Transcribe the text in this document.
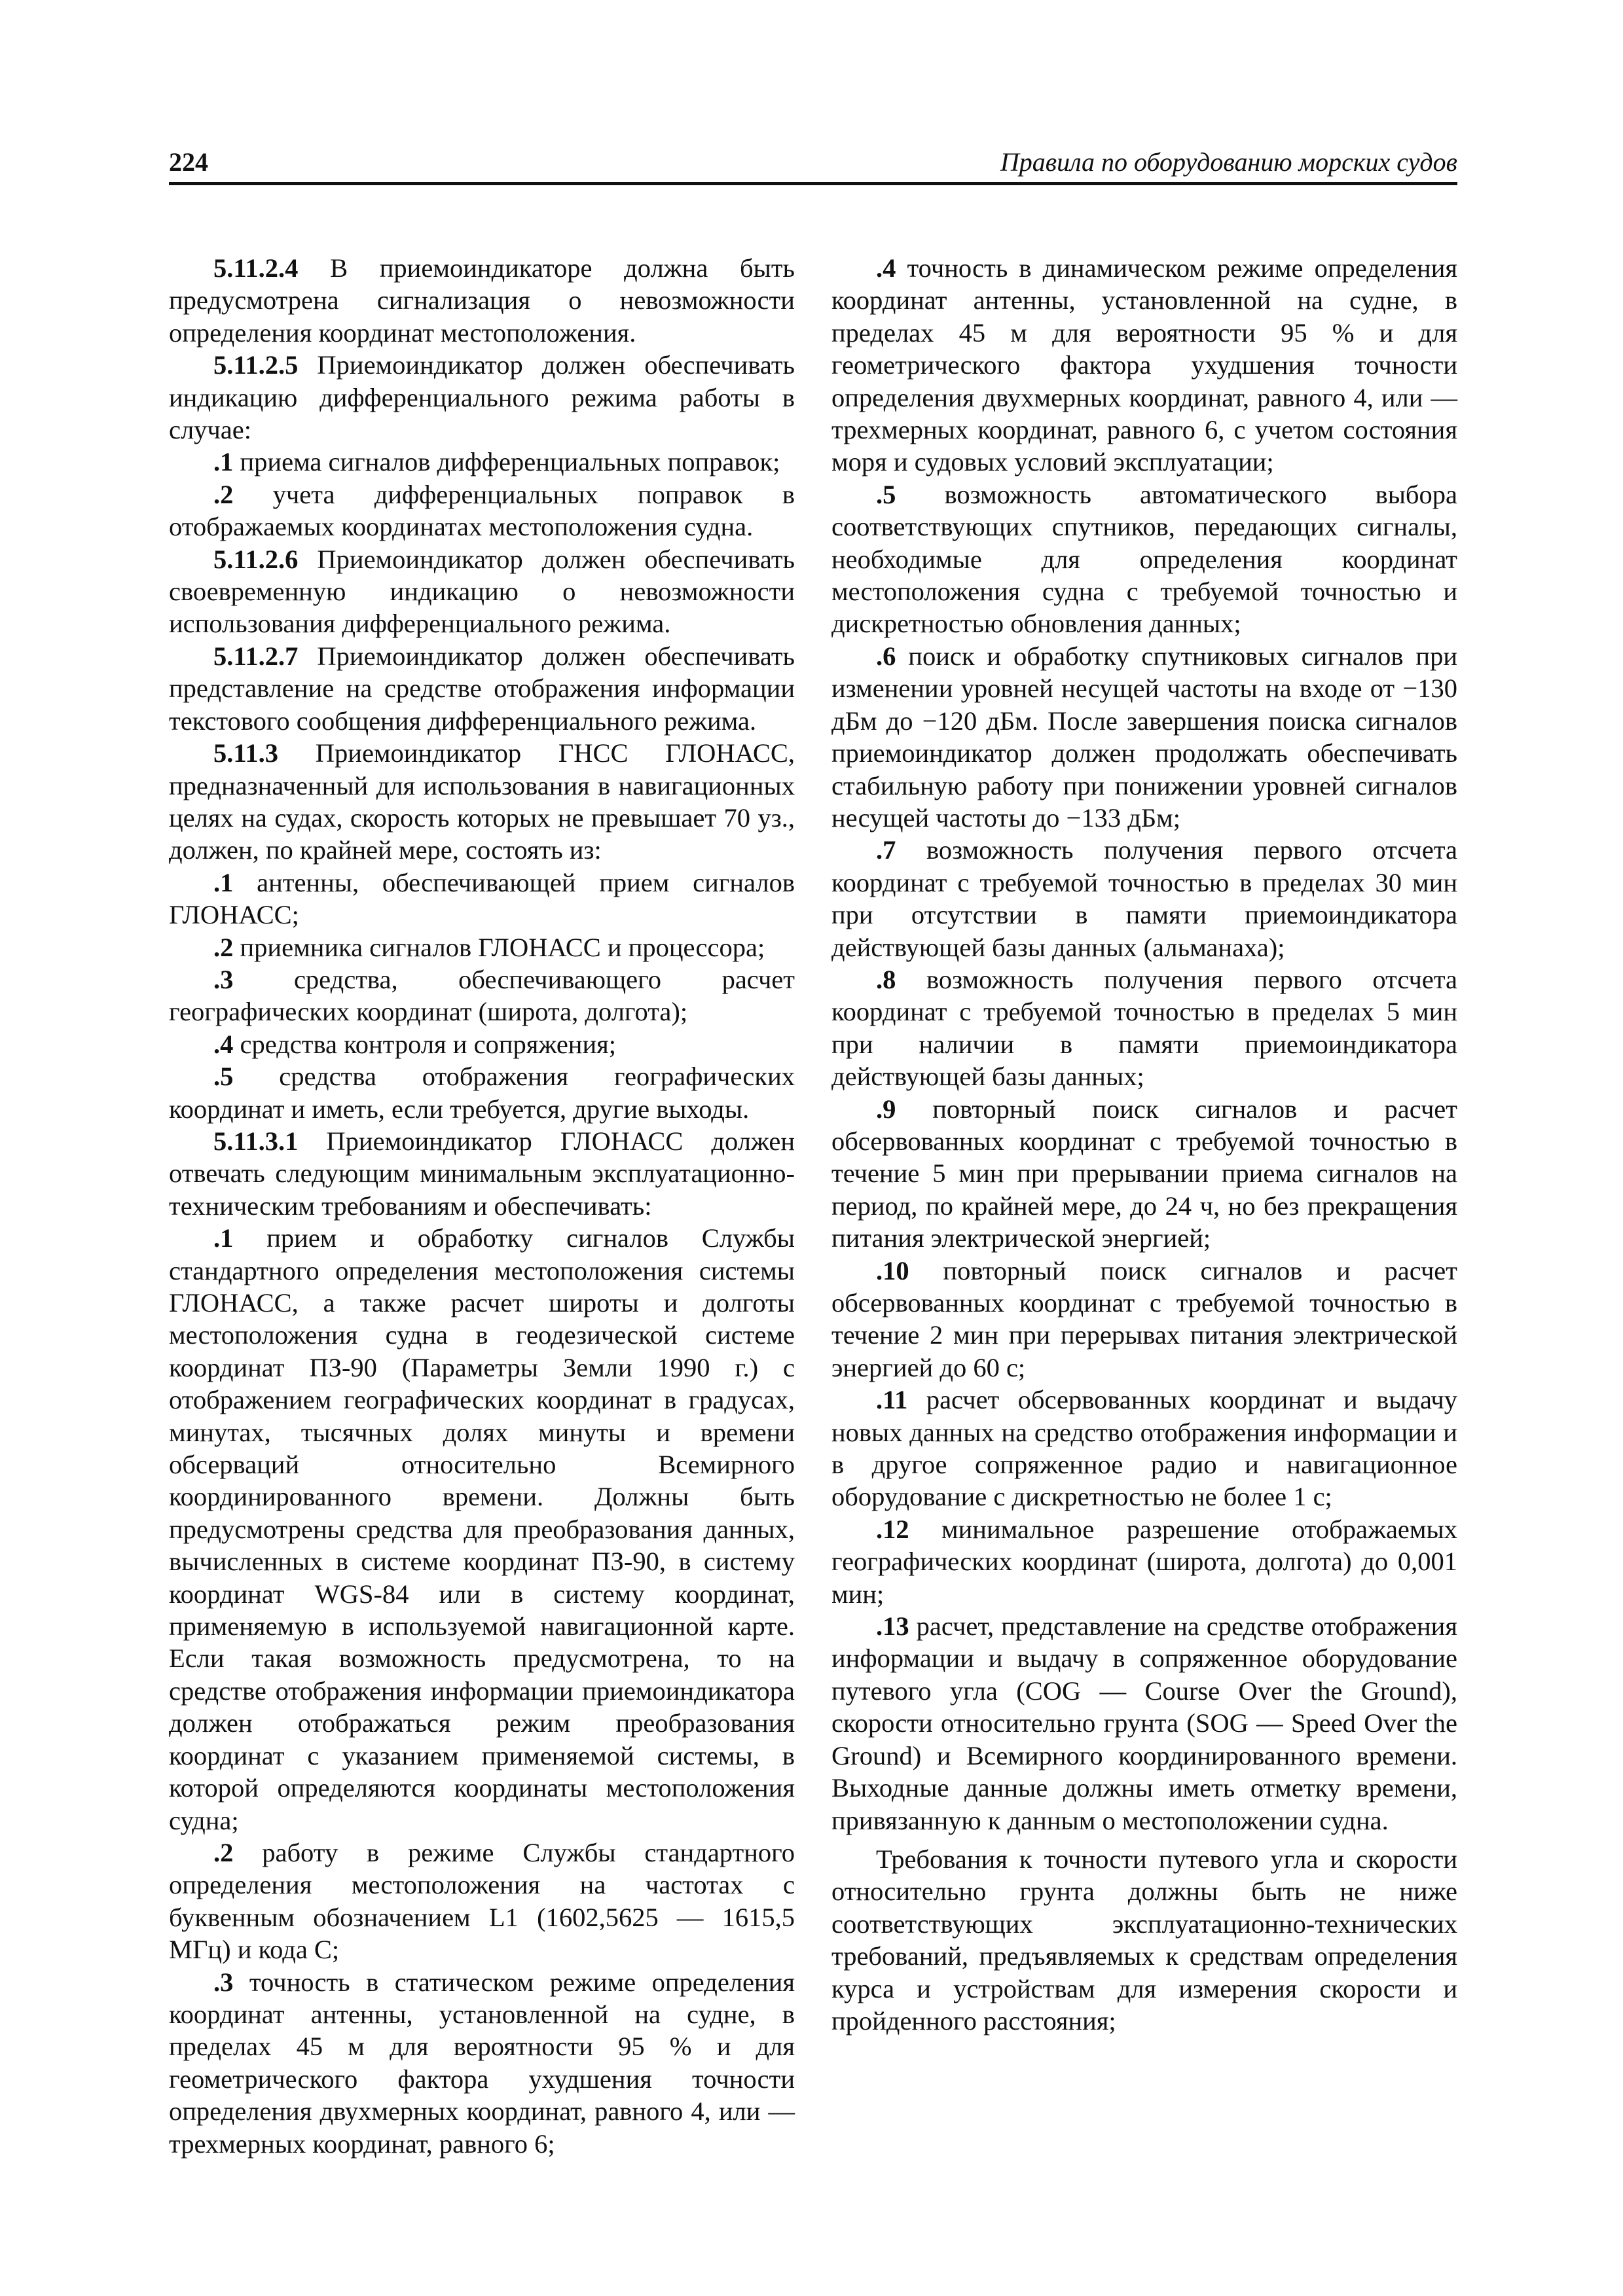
224	Правила по оборудованию морских судов

5.11.2.4 В приемоиндикаторе должна быть предусмотрена сигнализация о невозможности определения координат местоположения.

5.11.2.5 Приемоиндикатор должен обеспечивать индикацию дифференциального режима работы в случае:

.1 приема сигналов дифференциальных поправок;

.2 учета дифференциальных поправок в отображаемых координатах местоположения судна.

5.11.2.6 Приемоиндикатор должен обеспечивать своевременную индикацию о невозможности использования дифференциального режима.

5.11.2.7 Приемоиндикатор должен обеспечивать представление на средстве отображения информации текстового сообщения дифференциального режима.

5.11.3 Приемоиндикатор ГНСС ГЛОНАСС, предназначенный для использования в навигационных целях на судах, скорость которых не превышает 70 уз., должен, по крайней мере, состоять из:

.1 антенны, обеспечивающей прием сигналов ГЛОНАСС;

.2 приемника сигналов ГЛОНАСС и процессора;

.3 средства, обеспечивающего расчет географических координат (широта, долгота);

.4 средства контроля и сопряжения;

.5 средства отображения географических координат и иметь, если требуется, другие выходы.

5.11.3.1 Приемоиндикатор ГЛОНАСС должен отвечать следующим минимальным эксплуатационно-техническим требованиям и обеспечивать:

.1 прием и обработку сигналов Службы стандартного определения местоположения системы ГЛОНАСС, а также расчет широты и долготы местоположения судна в геодезической системе координат ПЗ-90 (Параметры Земли 1990 г.) с отображением географических координат в градусах, минутах, тысячных долях минуты и времени обсерваций относительно Всемирного координированного времени. Должны быть предусмотрены средства для преобразования данных, вычисленных в системе координат ПЗ-90, в систему координат WGS-84 или в систему координат, применяемую в используемой навигационной карте. Если такая возможность предусмотрена, то на средстве отображения информации приемоиндикатора должен отображаться режим преобразования координат с указанием применяемой системы, в которой определяются координаты местоположения судна;

.2 работу в режиме Службы стандартного определения местоположения на частотах с буквенным обозначением L1 (1602,5625 — 1615,5 МГц) и кода С;

.3 точность в статическом режиме определения координат антенны, установленной на судне, в пределах 45 м для вероятности 95 % и для геометрического фактора ухудшения точности определения двухмерных координат, равного 4, или — трехмерных координат, равного 6;

.4 точность в динамическом режиме определения координат антенны, установленной на судне, в пределах 45 м для вероятности 95 % и для геометрического фактора ухудшения точности определения двухмерных координат, равного 4, или — трехмерных координат, равного 6, с учетом состояния моря и судовых условий эксплуатации;

.5 возможность автоматического выбора соответствующих спутников, передающих сигналы, необходимые для определения координат местоположения судна с требуемой точностью и дискретностью обновления данных;

.6 поиск и обработку спутниковых сигналов при изменении уровней несущей частоты на входе от −130 дБм до −120 дБм. После завершения поиска сигналов приемоиндикатор должен продолжать обеспечивать стабильную работу при понижении уровней сигналов несущей частоты до −133 дБм;

.7 возможность получения первого отсчета координат с требуемой точностью в пределах 30 мин при отсутствии в памяти приемоиндикатора действующей базы данных (альманаха);

.8 возможность получения первого отсчета координат с требуемой точностью в пределах 5 мин при наличии в памяти приемоиндикатора действующей базы данных;

.9 повторный поиск сигналов и расчет обсервованных координат с требуемой точностью в течение 5 мин при прерывании приема сигналов на период, по крайней мере, до 24 ч, но без прекращения питания электрической энергией;

.10 повторный поиск сигналов и расчет обсервованных координат с требуемой точностью в течение 2 мин при перерывах питания электрической энергией до 60 с;

.11 расчет обсервованных координат и выдачу новых данных на средство отображения информации и в другое сопряженное радио и навигационное оборудование с дискретностью не более 1 с;

.12 минимальное разрешение отображаемых географических координат (широта, долгота) до 0,001 мин;

.13 расчет, представление на средстве отображения информации и выдачу в сопряженное оборудование путевого угла (COG — Course Over the Ground), скорости относительно грунта (SOG — Speed Over the Ground) и Всемирного координированного времени. Выходные данные должны иметь отметку времени, привязанную к данным о местоположении судна.

Требования к точности путевого угла и скорости относительно грунта должны быть не ниже соответствующих эксплуатационно-технических требований, предъявляемых к средствам определения курса и устройствам для измерения скорости и пройденного расстояния;
